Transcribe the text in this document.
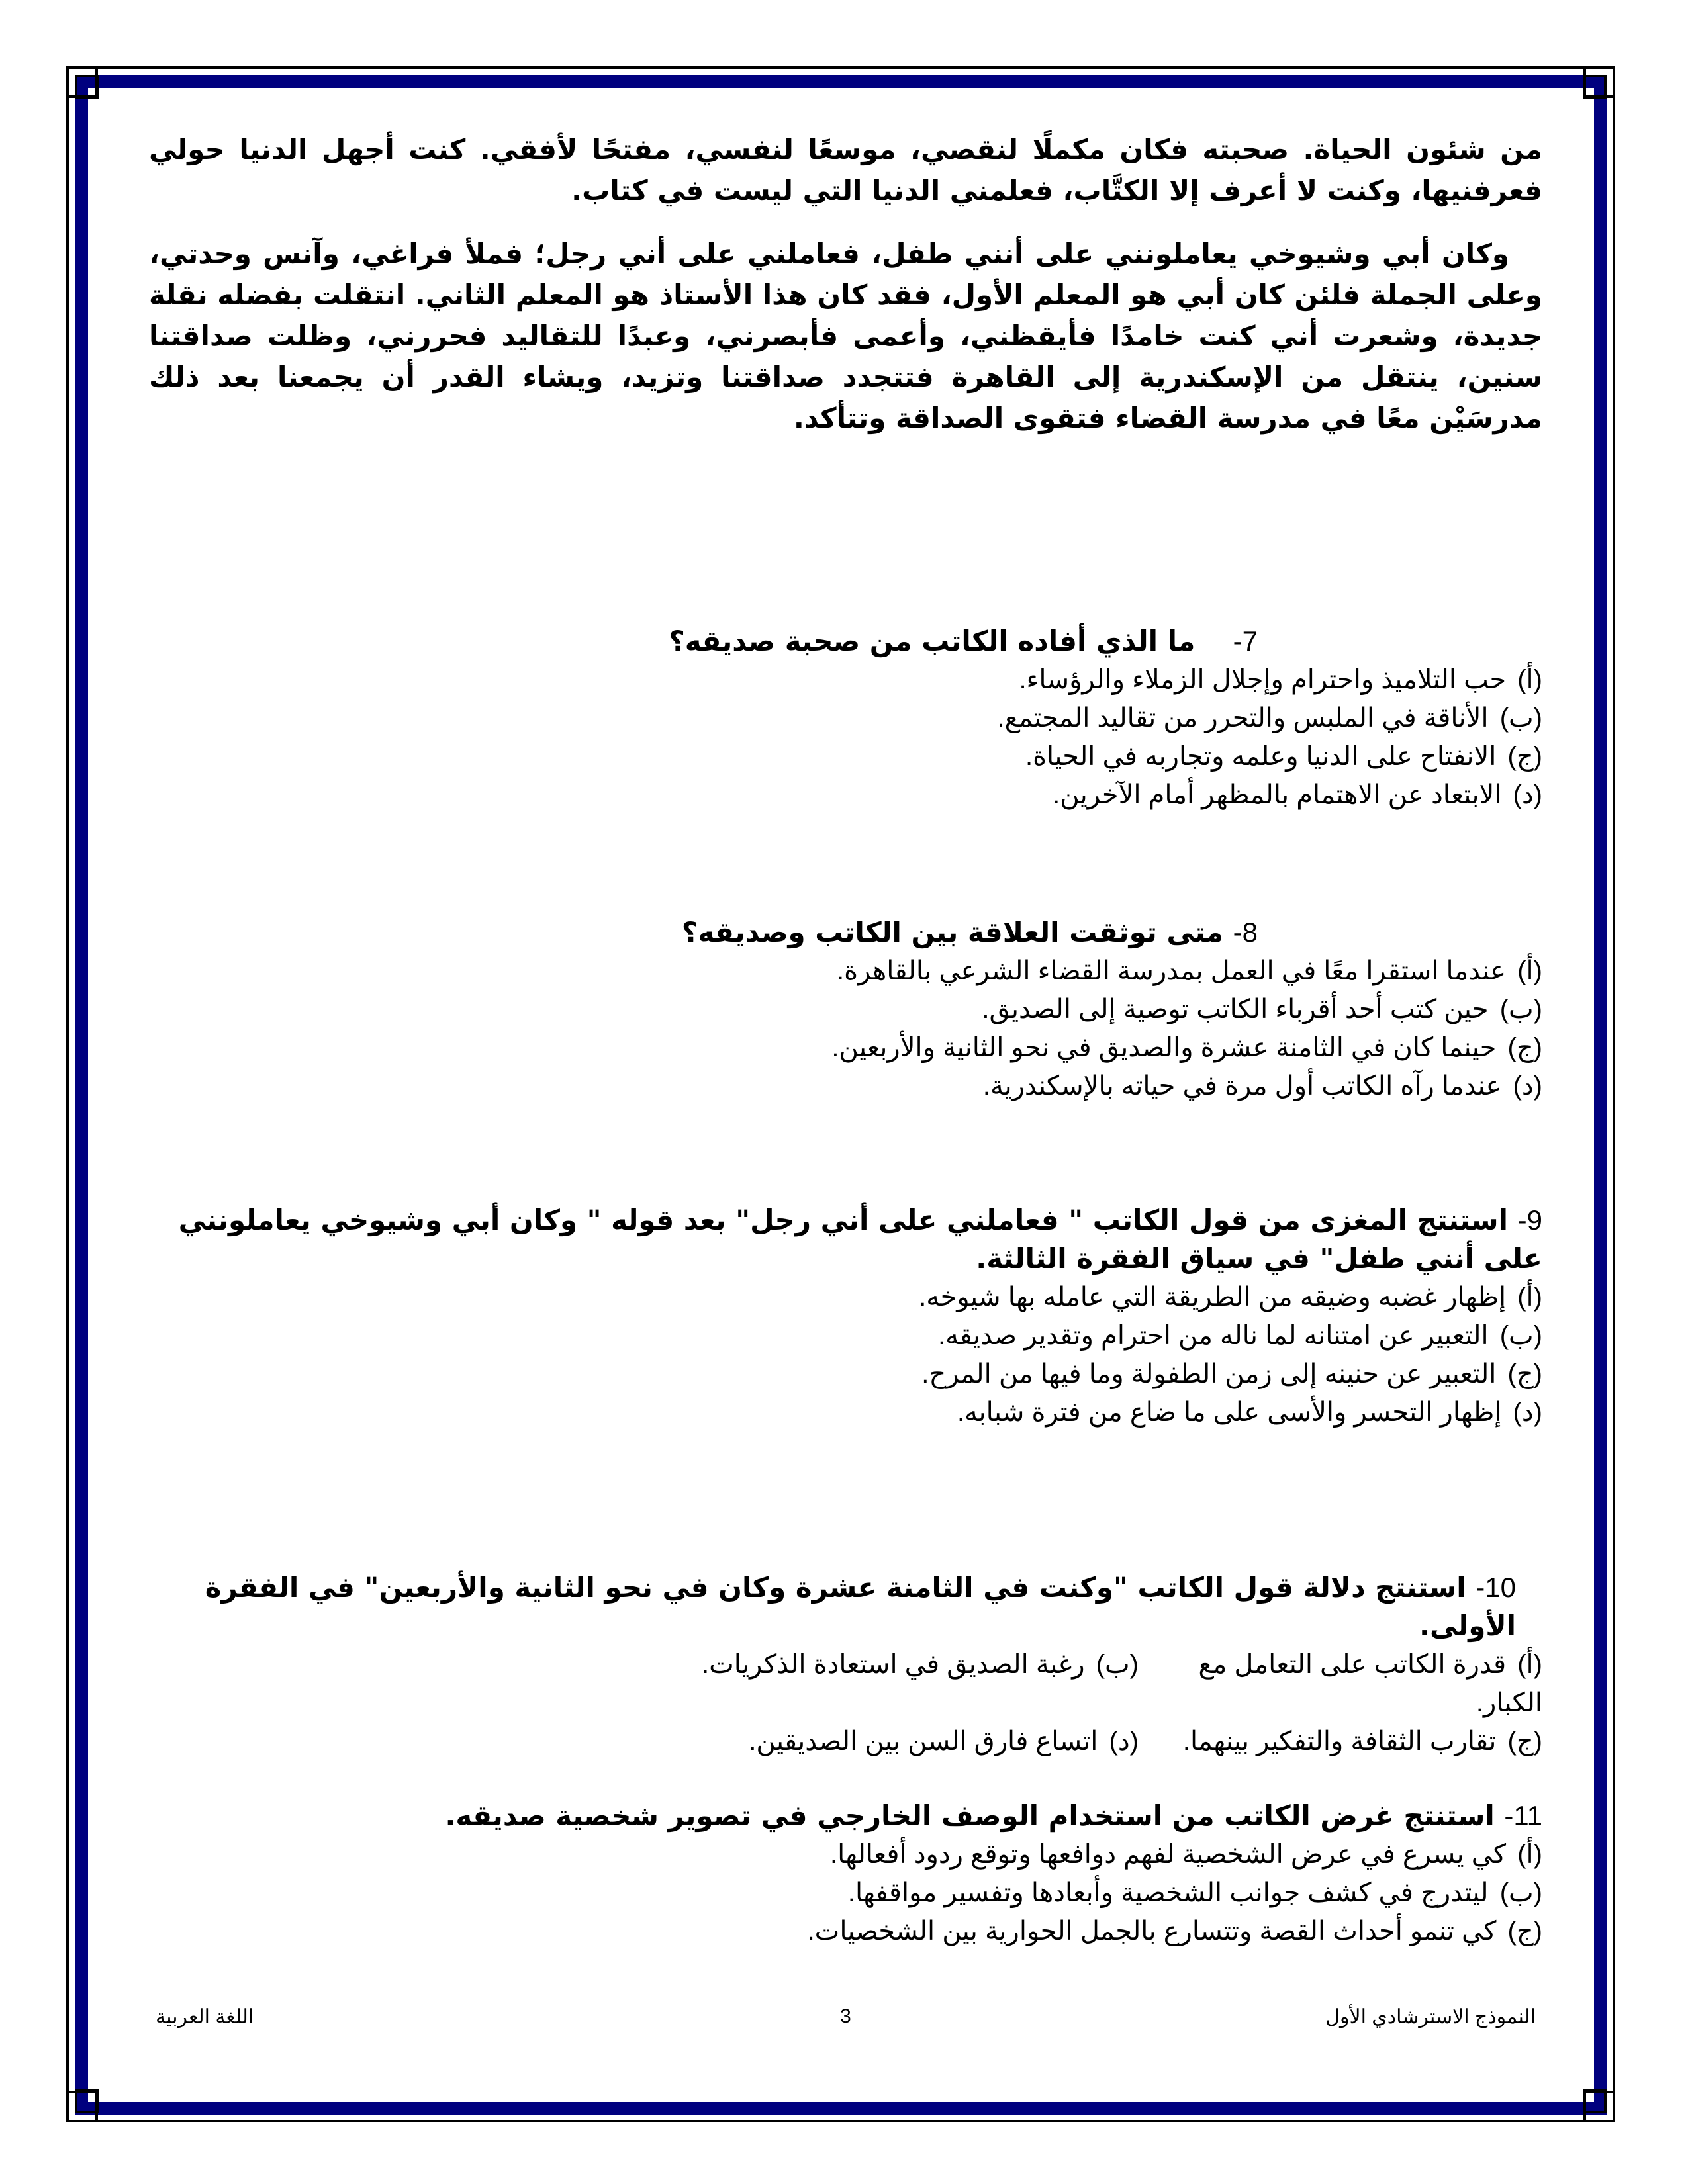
من شئون الحياة. صحبته فكان مكملًا لنقصي، موسعًا لنفسي، مفتحًا لأفقي. كنت أجهل الدنيا حولي فعرفنيها، وكنت لا أعرف إلا الكتَّاب، فعلمني الدنيا التي ليست في كتاب.

وكان أبي وشيوخي يعاملونني على أنني طفل، فعاملني على أني رجل؛ فملأ فراغي، وآنس وحدتي، وعلى الجملة فلئن كان أبي هو المعلم الأول، فقد كان هذا الأستاذ هو المعلم الثاني. انتقلت بفضله نقلة جديدة، وشعرت أني كنت خامدًا فأيقظني، وأعمى فأبصرني، وعبدًا للتقاليد فحررني، وظلت صداقتنا سنين، ينتقل من الإسكندرية إلى القاهرة فتتجدد صداقتنا وتزيد، ويشاء القدر أن يجمعنا بعد ذلك مدرسَيْن معًا في مدرسة القضاء فتقوى الصداقة وتتأكد.

7-  ما الذي أفاده الكاتب من صحبة صديقه؟

(أ) حب التلاميذ واحترام وإجلال الزملاء والرؤساء.
(ب) الأناقة في الملبس والتحرر من تقاليد المجتمع.
(ج) الانفتاح على الدنيا وعلمه وتجاربه في الحياة.
(د) الابتعاد عن الاهتمام بالمظهر أمام الآخرين.

8- متى توثقت العلاقة بين الكاتب وصديقه؟

(أ) عندما استقرا معًا في العمل بمدرسة القضاء الشرعي بالقاهرة.
(ب) حين كتب أحد أقرباء الكاتب توصية إلى الصديق.
(ج) حينما كان في الثامنة عشرة والصديق في نحو الثانية والأربعين.
(د) عندما رآه الكاتب أول مرة في حياته بالإسكندرية.

9- استنتج المغزى من قول الكاتب " فعاملني على أني رجل" بعد قوله " وكان أبي وشيوخي يعاملونني على أنني طفل" في سياق الفقرة الثالثة.

(أ) إظهار غضبه وضيقه من الطريقة التي عامله بها شيوخه.
(ب) التعبير عن امتنانه لما ناله من احترام وتقدير صديقه.
(ج) التعبير عن حنينه إلى زمن الطفولة وما فيها من المرح.
(د) إظهار التحسر والأسى على ما ضاع من فترة شبابه.

10- استنتج دلالة قول الكاتب "وكنت في الثامنة عشرة وكان في نحو الثانية والأربعين" في الفقرة الأولى.

(أ) قدرة الكاتب على التعامل مع الكبار.
(ب) رغبة الصديق في استعادة الذكريات.
(ج) تقارب الثقافة والتفكير بينهما.
(د) اتساع فارق السن بين الصديقين.

11- استنتج غرض الكاتب من استخدام الوصف الخارجي في تصوير شخصية صديقه.

(أ) كي يسرع في عرض الشخصية لفهم دوافعها وتوقع ردود أفعالها.
(ب) ليتدرج في كشف جوانب الشخصية وأبعادها وتفسير مواقفها.
(ج) كي تنمو أحداث القصة وتتسارع بالجمل الحوارية بين الشخصيات.
النموذج الاسترشادي الأول
3
اللغة العربية
